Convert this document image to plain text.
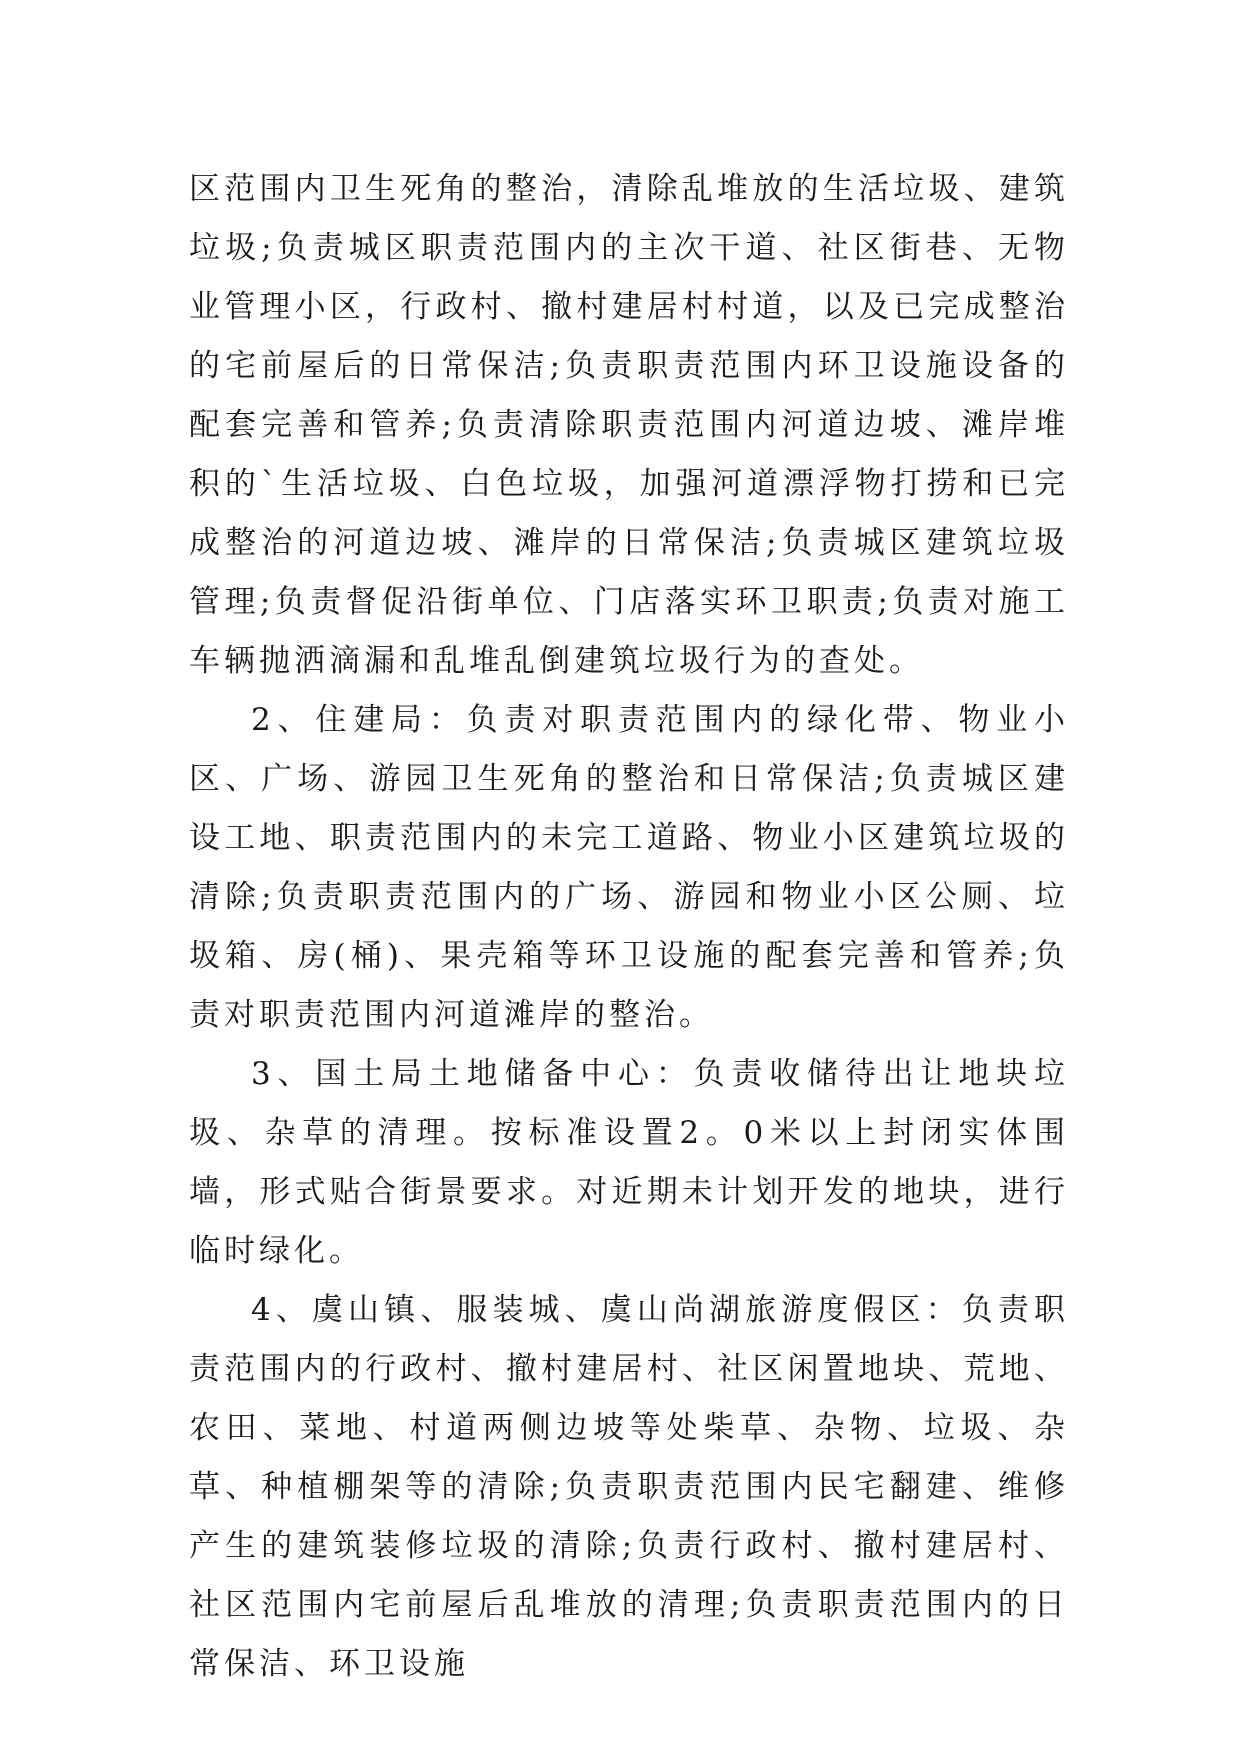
区范围内卫生死角的整治，清除乱堆放的生活垃圾、建筑垃圾;负责城区职责范围内的主次干道、社区街巷、无物业管理小区，行政村、撤村建居村村道，以及已完成整治的宅前屋后的日常保洁;负责职责范围内环卫设施设备的配套完善和管养;负责清除职责范围内河道边坡、滩岸堆积的`生活垃圾、白色垃圾，加强河道漂浮物打捞和已完成整治的河道边坡、滩岸的日常保洁;负责城区建筑垃圾管理;负责督促沿街单位、门店落实环卫职责;负责对施工车辆抛洒滴漏和乱堆乱倒建筑垃圾行为的查处。

2、住建局：负责对职责范围内的绿化带、物业小区、广场、游园卫生死角的整治和日常保洁;负责城区建设工地、职责范围内的未完工道路、物业小区建筑垃圾的清除;负责职责范围内的广场、游园和物业小区公厕、垃圾箱、房(桶)、果壳箱等环卫设施的配套完善和管养;负责对职责范围内河道滩岸的整治。

3、国土局土地储备中心：负责收储待出让地块垃圾、杂草的清理。按标准设置2。0米以上封闭实体围墙，形式贴合街景要求。对近期未计划开发的地块，进行临时绿化。

4、虞山镇、服装城、虞山尚湖旅游度假区：负责职责范围内的行政村、撤村建居村、社区闲置地块、荒地、农田、菜地、村道两侧边坡等处柴草、杂物、垃圾、杂草、种植棚架等的清除;负责职责范围内民宅翻建、维修产生的建筑装修垃圾的清除;负责行政村、撤村建居村、社区范围内宅前屋后乱堆放的清理;负责职责范围内的日常保洁、环卫设施
